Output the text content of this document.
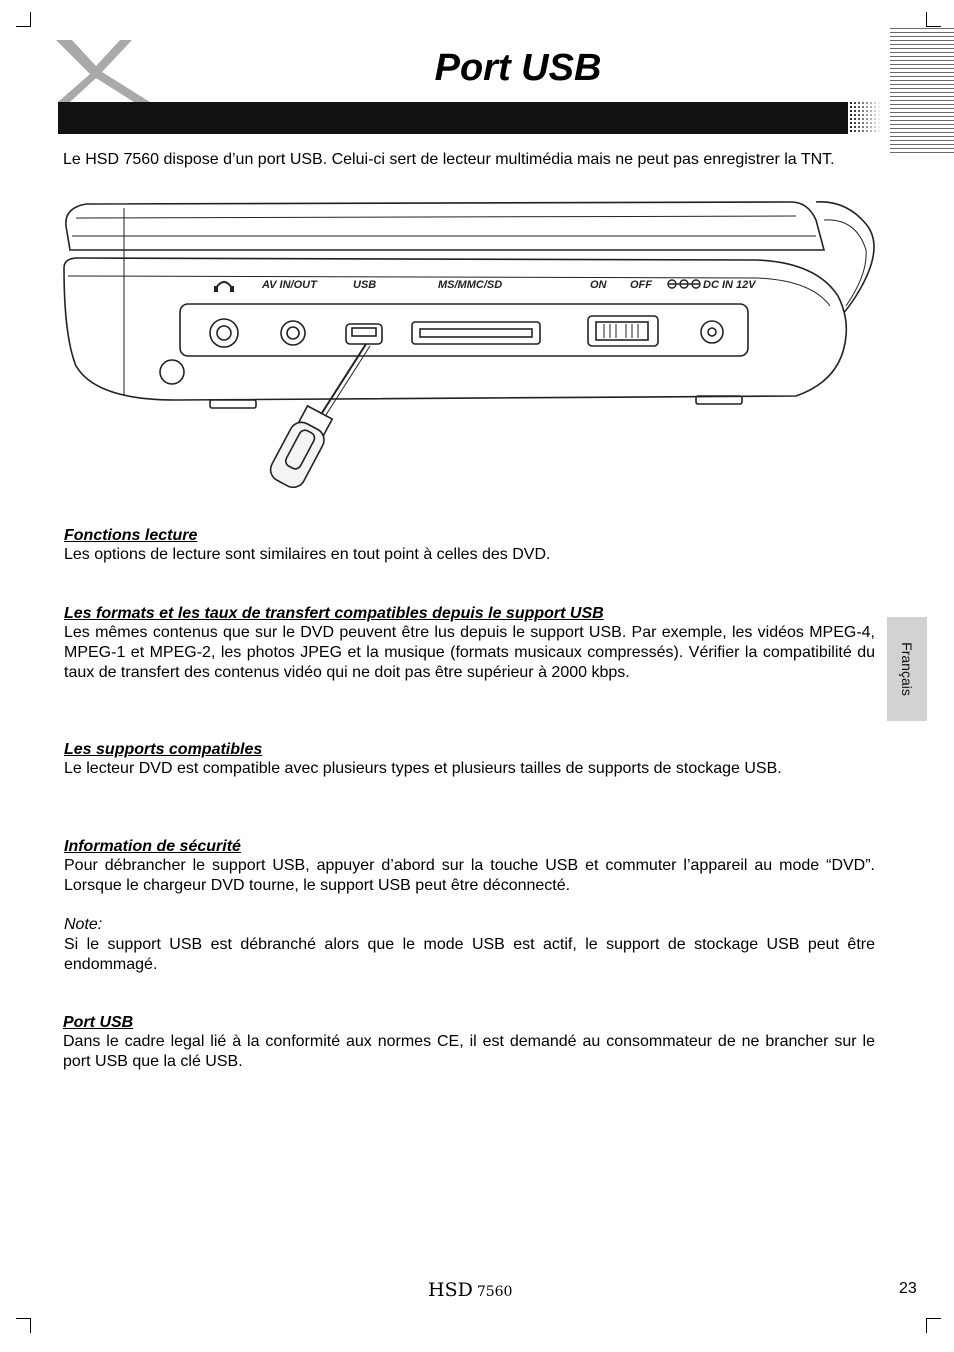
Port USB

Le HSD 7560 dispose d’un port USB. Celui-ci sert de lecteur multimédia mais ne peut pas enregistrer la TNT.

AV IN/OUT	USB	MS/MMC/SD	ON OFF	DC IN 12V
Fonctions lecture

Les options de lecture sont similaires en tout point à celles des DVD.

Les formats et les taux de transfert compatibles depuis le support USB

Les mêmes contenus que sur le DVD peuvent être lus depuis le support USB. Par exemple, les vidéos MPEG-4, MPEG-1 et MPEG-2, les photos JPEG et la musique (formats musicaux compressés). Vérifier la compatibilité du taux de transfert des contenus vidéo qui ne doit pas être supérieur à 2000 kbps.

Les supports compatibles

Le lecteur DVD est compatible avec plusieurs types et plusieurs tailles de supports de stockage USB.

Information de sécurité

Pour débrancher le support USB, appuyer d’abord sur la touche USB et commuter l’appareil au mode “DVD”. Lorsque le chargeur DVD tourne, le support USB peut être déconnecté.

Note:

Si le support USB est débranché alors que le mode USB est actif, le support de stockage USB peut être endommagé.

Port USB

Dans le cadre legal lié à la conformité aux normes CE, il est demandé au consommateur de ne brancher sur le port USB que la clé USB.

Français
HSD 7560	23
